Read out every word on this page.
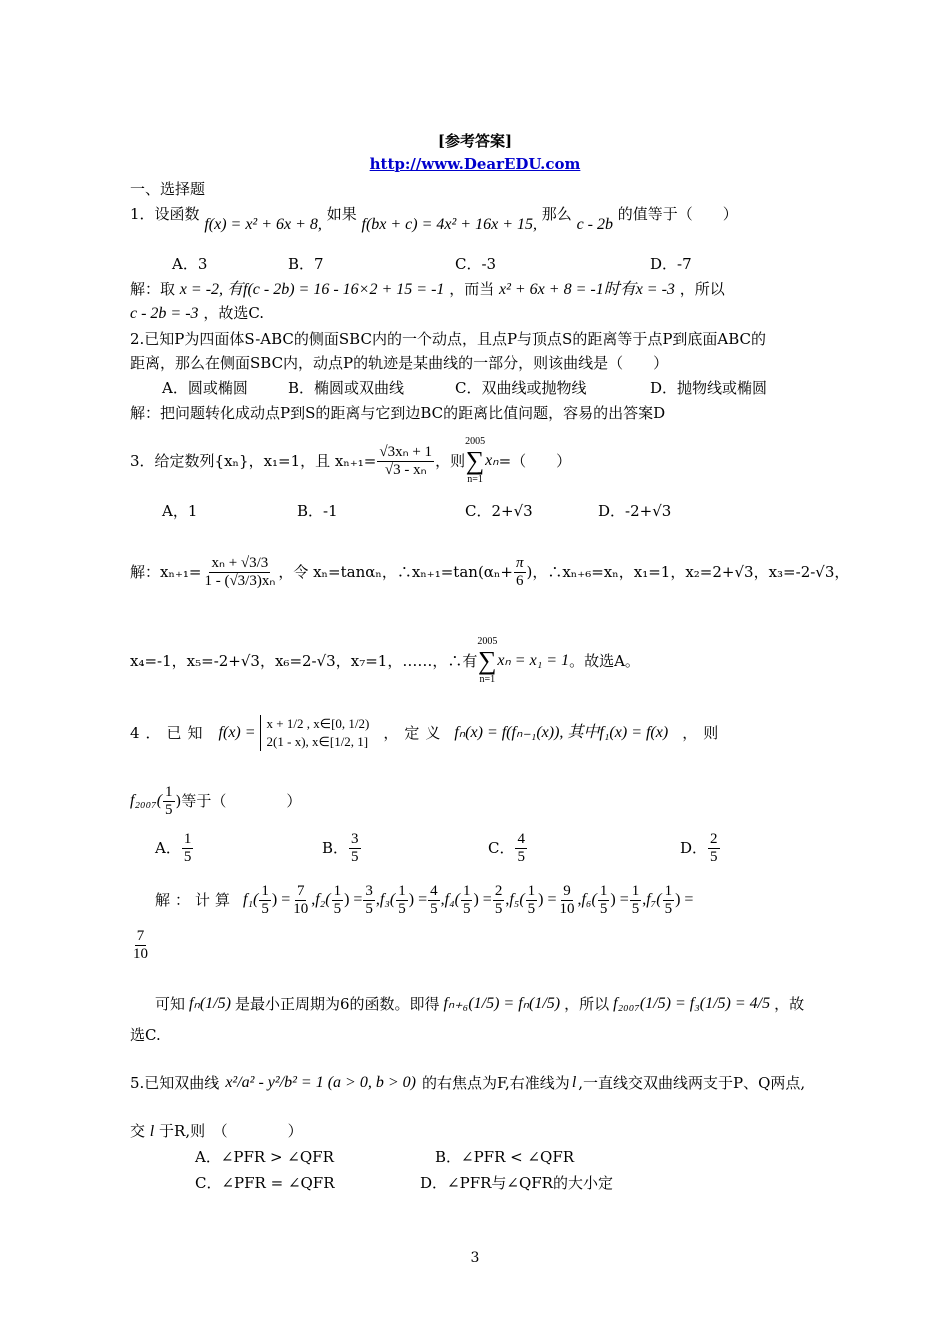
[参考答案]
http://www.DearEDU.com
一、选择题
1．设函数 f(x) = x² + 6x + 8, 如果 f(bx + c) = 4x² + 16x + 15, 那么 c - 2b 的值等于（　　）
A．3	B．7	C．-3	D．-7
解：取 x = -2, 有f(c - 2b) = 16 - 16×2 + 15 = -1 ，而当 x² + 6x + 8 = -1时有x = -3 ，所以
c - 2b = -3 ，故选C.
2.已知P为四面体S-ABC的侧面SBC内的一个动点，且点P与顶点S的距离等于点P到底面ABC的
距离，那么在侧面SBC内，动点P的轨迹是某曲线的一部分，则该曲线是（　　）
A．圆或椭圆	B．椭圆或双曲线	C．双曲线或抛物线	D．抛物线或椭圆
解：把问题转化成动点P到S的距离与它到边BC的距离比值问题，容易的出答案D
3．给定数列{xₙ}，x₁=1，且 $x_{n+1}= \frac{\text{√3xₙ + 1}}{\text{√3 - xₙ}}$ ，则
2005
∑
n=1
xₙ =（　　）
A，1	B．-1	C．2+√3	D．-2+√3
解：$x_{n+1}= \frac{\text{xₙ + √3/3}}{\text{1 - (√3/3)xₙ}}$ ，令 xₙ=tanαₙ，∴xₙ₊₁=tan(αₙ+ $\frac{\pi}{6}$ )，∴xₙ₊₆=xₙ，x₁=1，x₂=2+√3，x₃=-2-√3，
x₄=-1，x₅=-2+√3，x₆=2-√3，x₇=1，……，∴有
2005
∑
n=1
xₙ = x₁ = 1 。故选A。
4．已知 f(x) =
x + 1/2 , x∈[0, 1/2)
2(1 - x), x∈[1/2, 1] ，定义 fₙ(x) = f(fₙ₋₁(x)), 其中f₁(x) = f(x) ，则
$f_{2007}( \frac{1}{5}$ )等于（　　　　）
A． $\frac{1}{5}$	B． $\frac{3}{5}$	C． $\frac{4}{5}$	D． $\frac{2}{5}$
解：计算 $f_1( \frac{1}{5}$ ) = $\frac{7}{10}$ , $f_2( \frac{1}{5}$ ) = $\frac{3}{5}$ , $f_3( \frac{1}{5}$ ) = $\frac{4}{5}$ , $f_4( \frac{1}{5}$ ) = $\frac{2}{5}$ , $f_5( \frac{1}{5}$ ) = $\frac{9}{10}$ , $f_6( \frac{1}{5}$ ) = $\frac{1}{5}$ , $f_7( \frac{1}{5}$ ) =
$\frac{7}{10}$
可知 fₙ(1/5) 是最小正周期为6的函数。即得 fₙ₊₆(1/5) = fₙ(1/5) ，所以 f₂₀₀₇(1/5) = f₃(1/5) = 4/5 ，故
选C.
5.已知双曲线 x²/a² - y²/b² = 1 (a > 0, b > 0) 的右焦点为F,右准线为 l ,一直线交双曲线两支于P、Q两点,
交 l 于R,则　（　　　　）
A．∠PFR > ∠QFR	B．∠PFR < ∠QFR
C．∠PFR = ∠QFR	D．∠PFR与∠QFR的大小定
3
